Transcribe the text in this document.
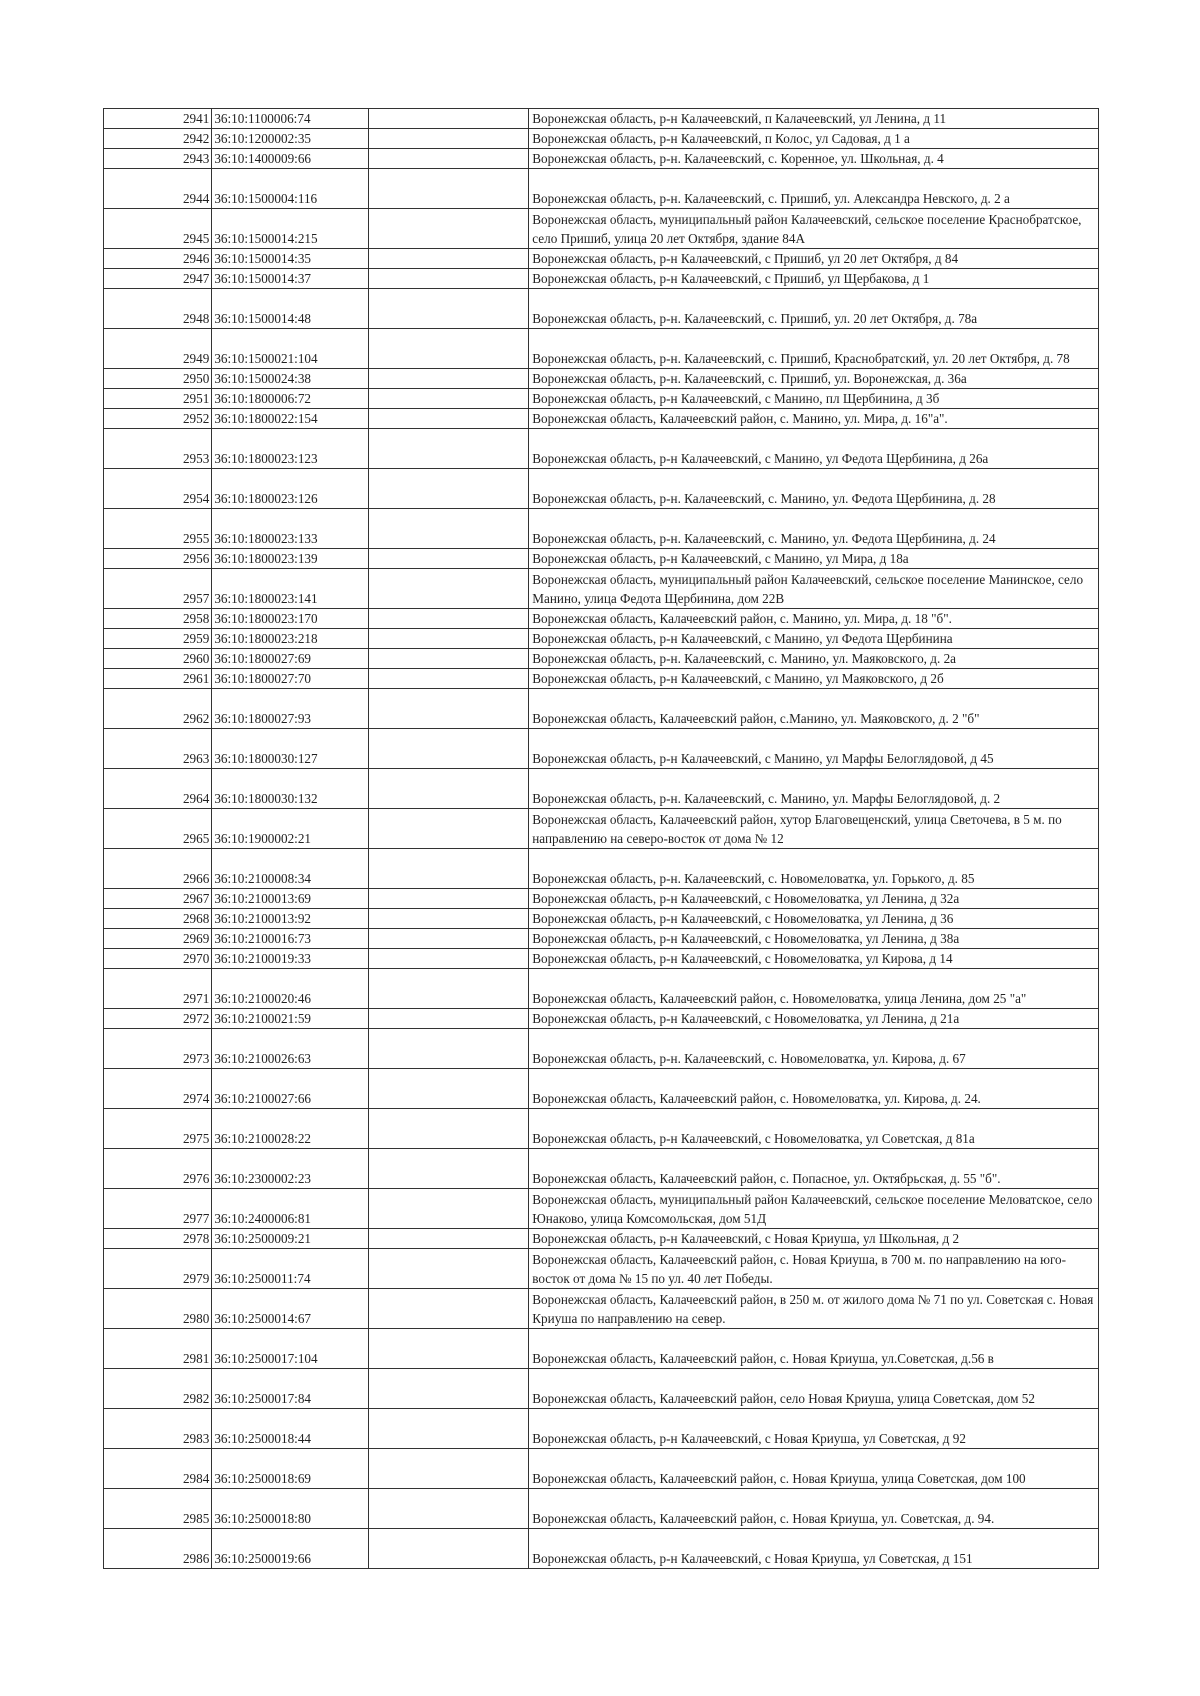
2941	36:10:1100006:74		Воронежская область, р-н Калачеевский, п Калачеевский, ул Ленина, д 11
2942	36:10:1200002:35		Воронежская область, р-н Калачеевский, п Колос, ул Садовая, д 1 а
2943	36:10:1400009:66		Воронежская область, р-н. Калачеевский, с. Коренное, ул. Школьная, д. 4
2944	36:10:1500004:116		Воронежская область, р-н. Калачеевский, с. Пришиб, ул. Александра Невского, д. 2 а
2945	36:10:1500014:215		Воронежская область, муниципальный район Калачеевский, сельское поселение Краснобратское, село Пришиб, улица 20 лет Октября, здание 84А
2946	36:10:1500014:35		Воронежская область, р-н Калачеевский, с Пришиб, ул 20 лет Октября, д 84
2947	36:10:1500014:37		Воронежская область, р-н Калачеевский, с Пришиб, ул Щербакова, д 1
2948	36:10:1500014:48		Воронежская область, р-н. Калачеевский, с. Пришиб, ул. 20 лет Октября, д. 78а
2949	36:10:1500021:104		Воронежская область, р-н. Калачеевский, с. Пришиб, Краснобратский, ул. 20 лет Октября, д. 78
2950	36:10:1500024:38		Воронежская область, р-н. Калачеевский, с. Пришиб, ул. Воронежская, д. 36а
2951	36:10:1800006:72		Воронежская область, р-н Калачеевский, с Манино, пл Щербинина, д 3б
2952	36:10:1800022:154		Воронежская область, Калачеевский район, с. Манино, ул. Мира, д. 16"а".
2953	36:10:1800023:123		Воронежская область, р-н Калачеевский, с Манино, ул Федота Щербинина, д 26а
2954	36:10:1800023:126		Воронежская область, р-н. Калачеевский, с. Манино, ул. Федота Щербинина, д. 28
2955	36:10:1800023:133		Воронежская область, р-н. Калачеевский, с. Манино, ул. Федота Щербинина, д. 24
2956	36:10:1800023:139		Воронежская область, р-н Калачеевский, с Манино, ул Мира, д 18а
2957	36:10:1800023:141		Воронежская область, муниципальный район Калачеевский, сельское поселение Манинское, село Манино, улица Федота Щербинина, дом 22В
2958	36:10:1800023:170		Воронежская область, Калачеевский район, с. Манино, ул. Мира, д. 18 "б".
2959	36:10:1800023:218		Воронежская область, р-н Калачеевский, с Манино, ул Федота Щербинина
2960	36:10:1800027:69		Воронежская область, р-н. Калачеевский, с. Манино, ул. Маяковского, д. 2а
2961	36:10:1800027:70		Воронежская область, р-н Калачеевский, с Манино, ул Маяковского, д 2б
2962	36:10:1800027:93		Воронежская область, Калачеевский район, с.Манино, ул. Маяковского, д. 2 "б"
2963	36:10:1800030:127		Воронежская область, р-н Калачеевский, с Манино, ул Марфы Белоглядовой, д 45
2964	36:10:1800030:132		Воронежская область, р-н. Калачеевский, с. Манино, ул. Марфы Белоглядовой, д. 2
2965	36:10:1900002:21		Воронежская область, Калачеевский район, хутор Благовещенский, улица Светочева, в 5 м. по направлению на северо-восток от дома № 12
2966	36:10:2100008:34		Воронежская область, р-н. Калачеевский, с. Новомеловатка, ул. Горького, д. 85
2967	36:10:2100013:69		Воронежская область, р-н Калачеевский, с Новомеловатка, ул Ленина, д 32а
2968	36:10:2100013:92		Воронежская область, р-н Калачеевский, с Новомеловатка, ул Ленина, д 36
2969	36:10:2100016:73		Воронежская область, р-н Калачеевский, с Новомеловатка, ул Ленина, д 38а
2970	36:10:2100019:33		Воронежская область, р-н Калачеевский, с Новомеловатка, ул Кирова, д 14
2971	36:10:2100020:46		Воронежская область, Калачеевский район, с. Новомеловатка, улица Ленина, дом 25 "а"
2972	36:10:2100021:59		Воронежская область, р-н Калачеевский, с Новомеловатка, ул Ленина, д 21а
2973	36:10:2100026:63		Воронежская область, р-н. Калачеевский, с. Новомеловатка, ул. Кирова, д. 67
2974	36:10:2100027:66		Воронежская область, Калачеевский район, с. Новомеловатка, ул. Кирова, д. 24.
2975	36:10:2100028:22		Воронежская область, р-н Калачеевский, с Новомеловатка, ул Советская, д 81а
2976	36:10:2300002:23		Воронежская область, Калачеевский район, с. Попасное, ул. Октябрьская, д. 55 "б".
2977	36:10:2400006:81		Воронежская область, муниципальный район Калачеевский, сельское поселение Меловатское, село Юнаково, улица Комсомольская, дом 51Д
2978	36:10:2500009:21		Воронежская область, р-н Калачеевский, с Новая Криуша, ул Школьная, д 2
2979	36:10:2500011:74		Воронежская область, Калачеевский район, с. Новая Криуша, в 700 м. по направлению на юго-восток от дома № 15 по ул. 40 лет Победы.
2980	36:10:2500014:67		Воронежская область, Калачеевский район, в 250 м. от жилого дома № 71 по ул. Советская с. Новая Криуша по направлению на север.
2981	36:10:2500017:104		Воронежская область, Калачеевский район, с. Новая Криуша, ул.Советская, д.56 в
2982	36:10:2500017:84		Воронежская область, Калачеевский район, село Новая Криуша, улица Советская, дом 52
2983	36:10:2500018:44		Воронежская область, р-н Калачеевский, с Новая Криуша, ул Советская, д 92
2984	36:10:2500018:69		Воронежская область, Калачеевский район, с. Новая Криуша, улица Советская, дом 100
2985	36:10:2500018:80		Воронежская область, Калачеевский район, с. Новая Криуша, ул. Советская, д. 94.
2986	36:10:2500019:66		Воронежская область, р-н Калачеевский, с Новая Криуша, ул Советская, д 151
